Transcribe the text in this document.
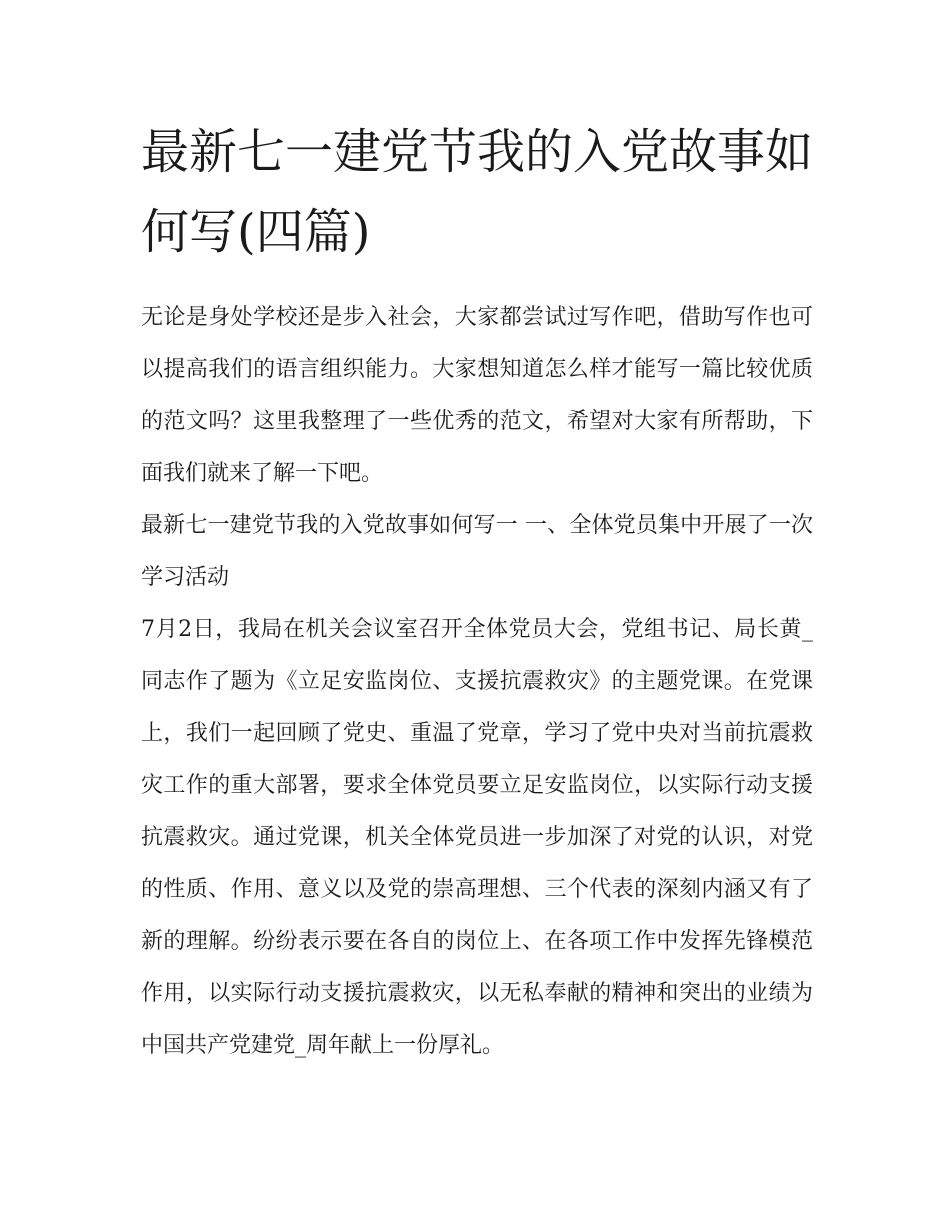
最新七一建党节我的入党故事如何写(四篇)

无论是身处学校还是步入社会，大家都尝试过写作吧，借助写作也可以提高我们的语言组织能力。大家想知道怎么样才能写一篇比较优质的范文吗？这里我整理了一些优秀的范文，希望对大家有所帮助，下面我们就来了解一下吧。

最新七一建党节我的入党故事如何写一 一、全体党员集中开展了一次学习活动

7月2日，我局在机关会议室召开全体党员大会，党组书记、局长黄_同志作了题为《立足安监岗位、支援抗震救灾》的主题党课。在党课上，我们一起回顾了党史、重温了党章，学习了党中央对当前抗震救灾工作的重大部署，要求全体党员要立足安监岗位，以实际行动支援抗震救灾。通过党课，机关全体党员进一步加深了对党的认识，对党的性质、作用、意义以及党的崇高理想、三个代表的深刻内涵又有了新的理解。纷纷表示要在各自的岗位上、在各项工作中发挥先锋模范作用，以实际行动支援抗震救灾，以无私奉献的精神和突出的业绩为中国共产党建党_周年献上一份厚礼。
